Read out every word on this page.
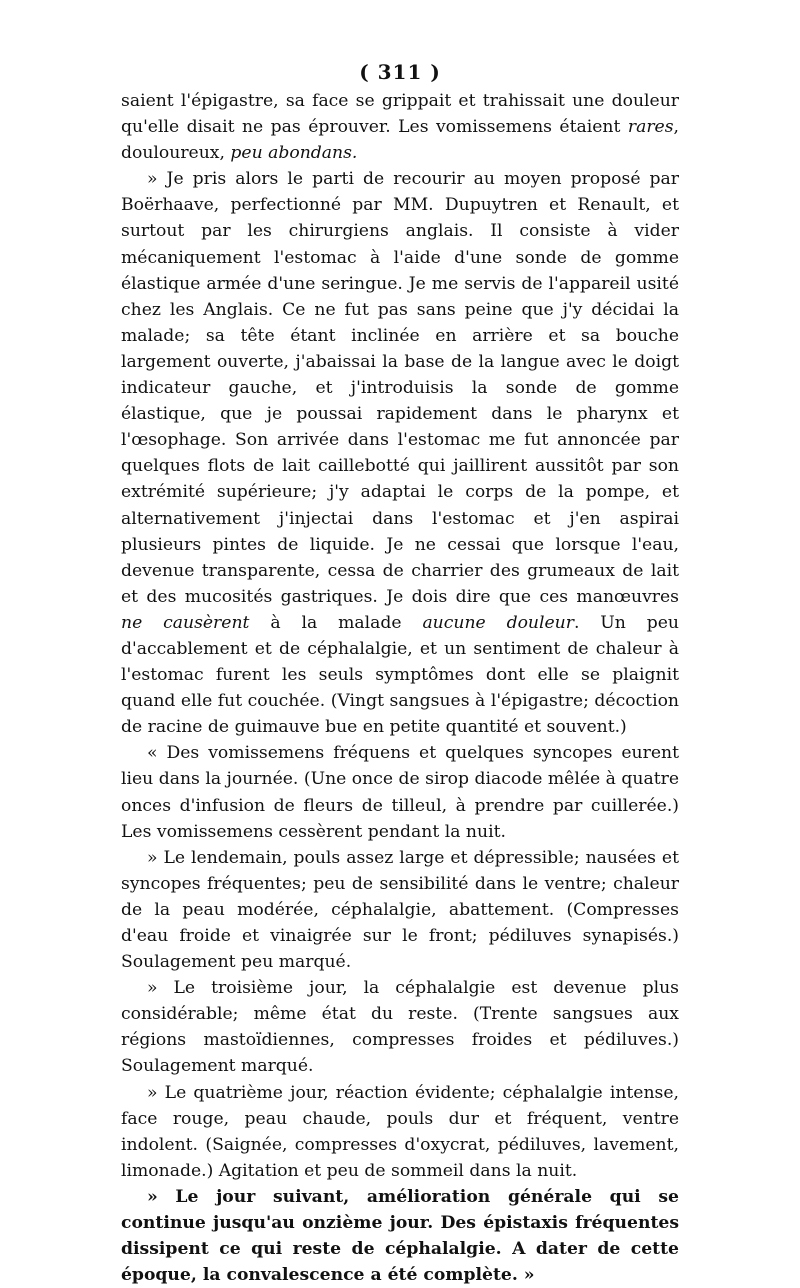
( 311 )

saient l'épigastre, sa face se grippait et trahissait une douleur qu'elle disait ne pas éprouver. Les vomissemens étaient rares, douloureux, peu abondans.

» Je pris alors le parti de recourir au moyen proposé par Boërhaave, perfectionné par MM. Dupuytren et Renault, et surtout par les chirurgiens anglais. Il consiste à vider mécaniquement l'estomac à l'aide d'une sonde de gomme élastique armée d'une seringue. Je me servis de l'appareil usité chez les Anglais. Ce ne fut pas sans peine que j'y décidai la malade; sa tête étant inclinée en arrière et sa bouche largement ouverte, j'abaissai la base de la langue avec le doigt indicateur gauche, et j'introduisis la sonde de gomme élastique, que je poussai rapidement dans le pharynx et l'œsophage. Son arrivée dans l'estomac me fut annoncée par quelques flots de lait caillebotté qui jaillirent aussitôt par son extrémité supérieure; j'y adaptai le corps de la pompe, et alternativement j'injectai dans l'estomac et j'en aspirai plusieurs pintes de liquide. Je ne cessai que lorsque l'eau, devenue transparente, cessa de charrier des grumeaux de lait et des mucosités gastriques. Je dois dire que ces manœuvres ne causèrent à la malade aucune douleur. Un peu d'accablement et de céphalalgie, et un sentiment de chaleur à l'estomac furent les seuls symptômes dont elle se plaignit quand elle fut couchée. (Vingt sangsues à l'épigastre; décoction de racine de guimauve bue en petite quantité et souvent.)

« Des vomissemens fréquens et quelques syncopes eurent lieu dans la journée. (Une once de sirop diacode mêlée à quatre onces d'infusion de fleurs de tilleul, à prendre par cuillerée.) Les vomissemens cessèrent pendant la nuit.

» Le lendemain, pouls assez large et dépressible; nausées et syncopes fréquentes; peu de sensibilité dans le ventre; chaleur de la peau modérée, céphalalgie, abattement. (Compresses d'eau froide et vinaigrée sur le front; pédiluves synapisés.) Soulagement peu marqué.

» Le troisième jour, la céphalalgie est devenue plus considérable; même état du reste. (Trente sangsues aux régions mastoïdiennes, compresses froides et pédiluves.) Soulagement marqué.

» Le quatrième jour, réaction évidente; céphalalgie intense, face rouge, peau chaude, pouls dur et fréquent, ventre indolent. (Saignée, compresses d'oxycrat, pédiluves, lavement, limonade.) Agitation et peu de sommeil dans la nuit.

» Le jour suivant, amélioration générale qui se continue jusqu'au onzième jour. Des épistaxis fréquentes dissipent ce qui reste de céphalalgie. A dater de cette époque, la convalescence a été complète. »
